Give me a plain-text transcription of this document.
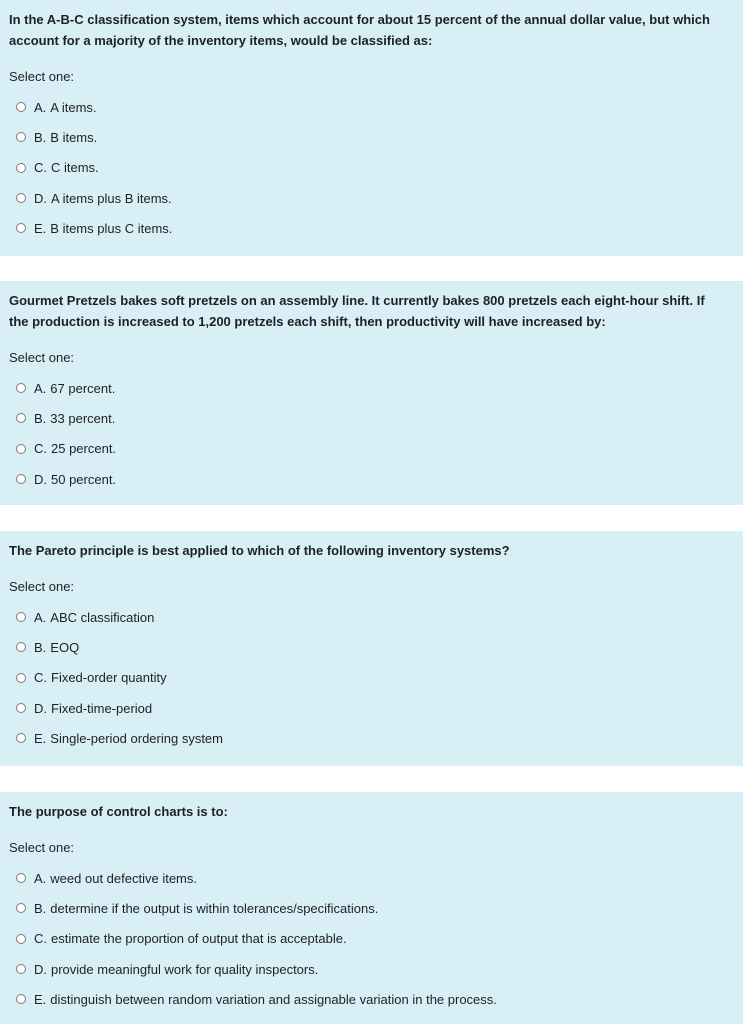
In the A-B-C classification system, items which account for about 15 percent of the annual dollar value, but which account for a majority of the inventory items, would be classified as:

Select one:
A. A items.
B. B items.
C. C items.
D. A items plus B items.
E. B items plus C items.

Gourmet Pretzels bakes soft pretzels on an assembly line. It currently bakes 800 pretzels each eight-hour shift. If the production is increased to 1,200 pretzels each shift, then productivity will have increased by:

Select one:
A. 67 percent.
B. 33 percent.
C. 25 percent.
D. 50 percent.

The Pareto principle is best applied to which of the following inventory systems?

Select one:
A. ABC classification
B. EOQ
C. Fixed-order quantity
D. Fixed-time-period
E. Single-period ordering system

The purpose of control charts is to:

Select one:
A. weed out defective items.
B. determine if the output is within tolerances/specifications.
C. estimate the proportion of output that is acceptable.
D. provide meaningful work for quality inspectors.
E. distinguish between random variation and assignable variation in the process.
